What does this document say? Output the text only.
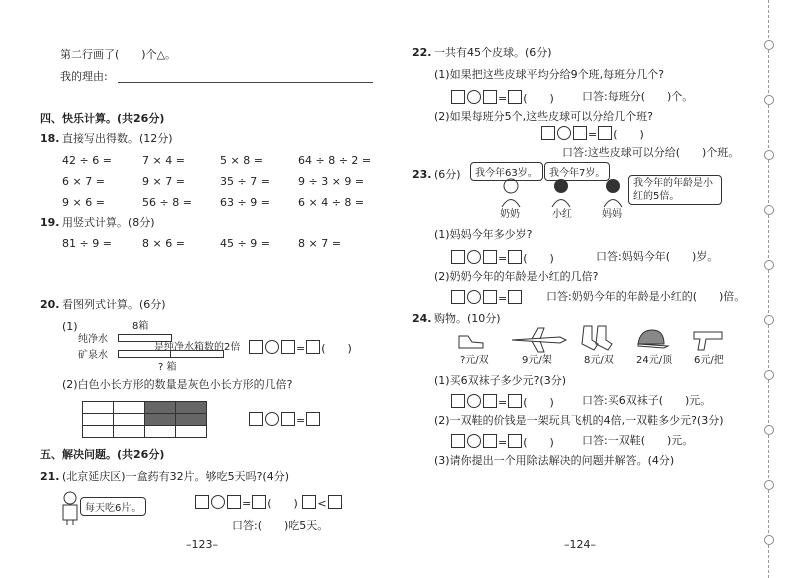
第二行画了(　　)个△。
我的理由:
四、快乐计算。(共26分)
18. 直接写出得数。(12分)
42 ÷ 6 =	7 × 4 =	5 × 8 =	64 ÷ 8 ÷ 2 =
6 × 7 =	9 × 7 =	35 ÷ 7 =	9 ÷ 3 × 9 =
9 × 6 =	56 ÷ 8 =	63 ÷ 9 =	6 × 4 ÷ 8 =
19. 用竖式计算。(8分)
81 ÷ 9 =	8 × 6 =	45 ÷ 9 =	8 × 7 =
20. 看图列式计算。(6分)
(1)	8箱
纯净水
是纯净水箱数的2倍
矿泉水
? 箱
= (　　)
(2)白色小长方形的数量是灰色小长方形的几倍?
=
五、解决问题。(共26分)
21. (北京延庆区)一盒药有32片。够吃5天吗?(4分)
每天吃6片。	= (　　) <
口答:(　　)吃5天。
–123–
22. 一共有45个皮球。(6分)
(1)如果把这些皮球平均分给9个班,每班分几个?
= (　　)	口答:每班分(　　)个。
(2)如果每班分5个,这些皮球可以分给几个班?
= (　　)
口答:这些皮球可以分给(　　)个班。
23. (6分)	我今年63岁。	我今年7岁。
我今年的年龄是小红的5倍。
奶奶	小红	妈妈
(1)妈妈今年多少岁?
= (　　)	口答:妈妈今年(　　)岁。
(2)奶奶今年的年龄是小红的几倍?
=	口答:奶奶今年的年龄是小红的(　　)倍。
24. 购物。(10分)
?元/双	9元/架	8元/双 24元/顶 6元/把
(1)买6双袜子多少元?(3分)
= (　　)	口答:买6双袜子(　　)元。
(2)一双鞋的价钱是一架玩具飞机的4倍,一双鞋多少元?(3分)
= (　　)	口答:一双鞋(　　)元。
(3)请你提出一个用除法解决的问题并解答。(4分)
–124–
